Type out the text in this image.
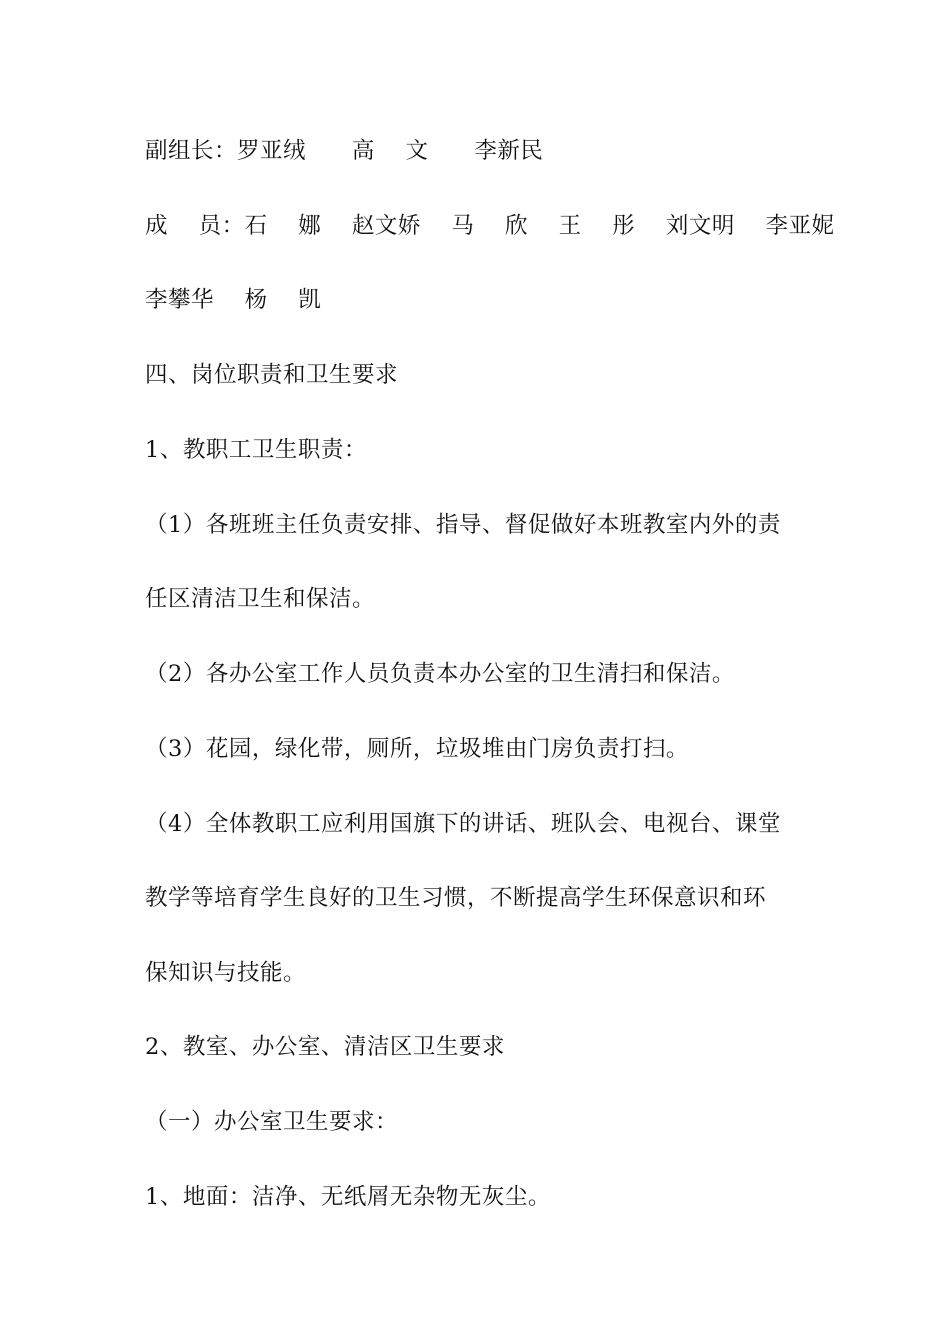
副组长：罗亚绒      高    文      李新民
成    员：石    娜    赵文娇    马    欣    王    彤    刘文明    李亚妮
李攀华    杨    凯
四、岗位职责和卫生要求
1、教职工卫生职责：
（1）各班班主任负责安排、指导、督促做好本班教室内外的责
任区清洁卫生和保洁。
（2）各办公室工作人员负责本办公室的卫生清扫和保洁。
（3）花园，绿化带，厕所，垃圾堆由门房负责打扫。
（4）全体教职工应利用国旗下的讲话、班队会、电视台、课堂
教学等培育学生良好的卫生习惯，不断提高学生环保意识和环
保知识与技能。
2、教室、办公室、清洁区卫生要求
（一）办公室卫生要求：
1、地面：洁净、无纸屑无杂物无灰尘。
